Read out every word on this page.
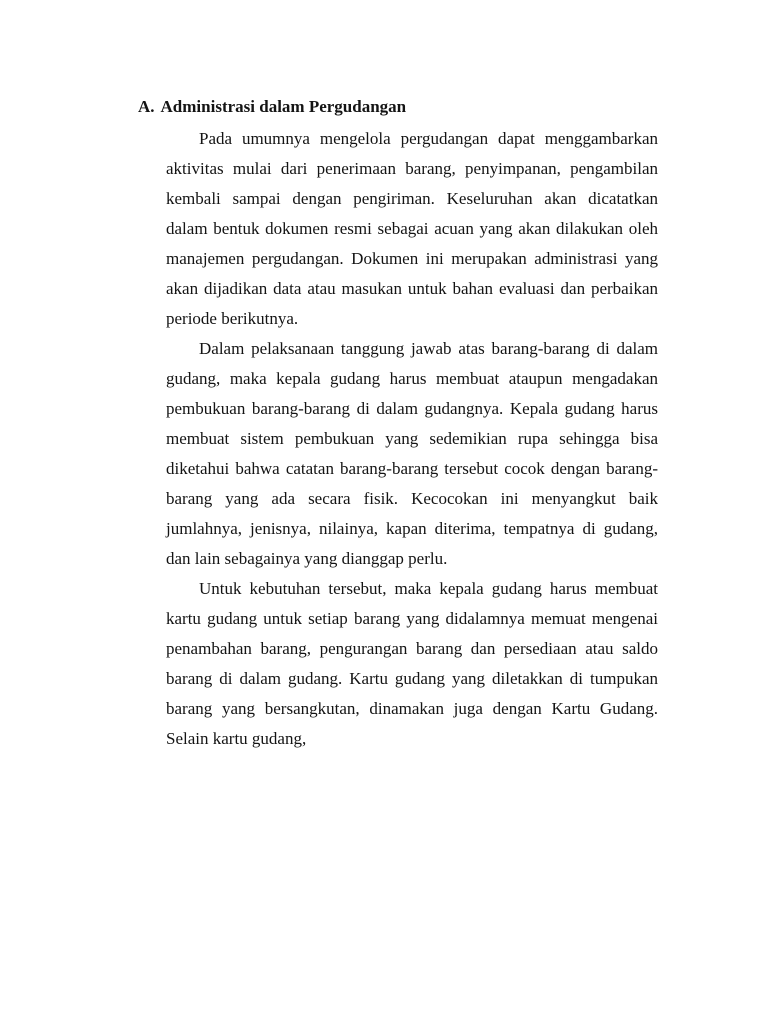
A. Administrasi dalam Pergudangan

Pada umumnya mengelola pergudangan dapat menggambarkan aktivitas mulai dari penerimaan barang, penyimpanan, pengambilan kembali sampai dengan pengiriman. Keseluruhan akan dicatatkan dalam bentuk dokumen resmi sebagai acuan yang akan dilakukan oleh manajemen pergudangan. Dokumen ini merupakan administrasi yang akan dijadikan data atau masukan untuk bahan evaluasi dan perbaikan periode berikutnya.

Dalam pelaksanaan tanggung jawab atas barang-barang di dalam gudang, maka kepala gudang harus membuat ataupun mengadakan pembukuan barang-barang di dalam gudangnya. Kepala gudang harus membuat sistem pembukuan yang sedemikian rupa sehingga bisa diketahui bahwa catatan barang-barang tersebut cocok dengan barang-barang yang ada secara fisik. Kecocokan ini menyangkut baik jumlahnya, jenisnya, nilainya, kapan diterima, tempatnya di gudang, dan lain sebagainya yang dianggap perlu.

Untuk kebutuhan tersebut, maka kepala gudang harus membuat kartu gudang untuk setiap barang yang didalamnya memuat mengenai penambahan barang, pengurangan barang dan persediaan atau saldo barang di dalam gudang. Kartu gudang yang diletakkan di tumpukan barang yang bersangkutan, dinamakan juga dengan Kartu Gudang. Selain kartu gudang,
